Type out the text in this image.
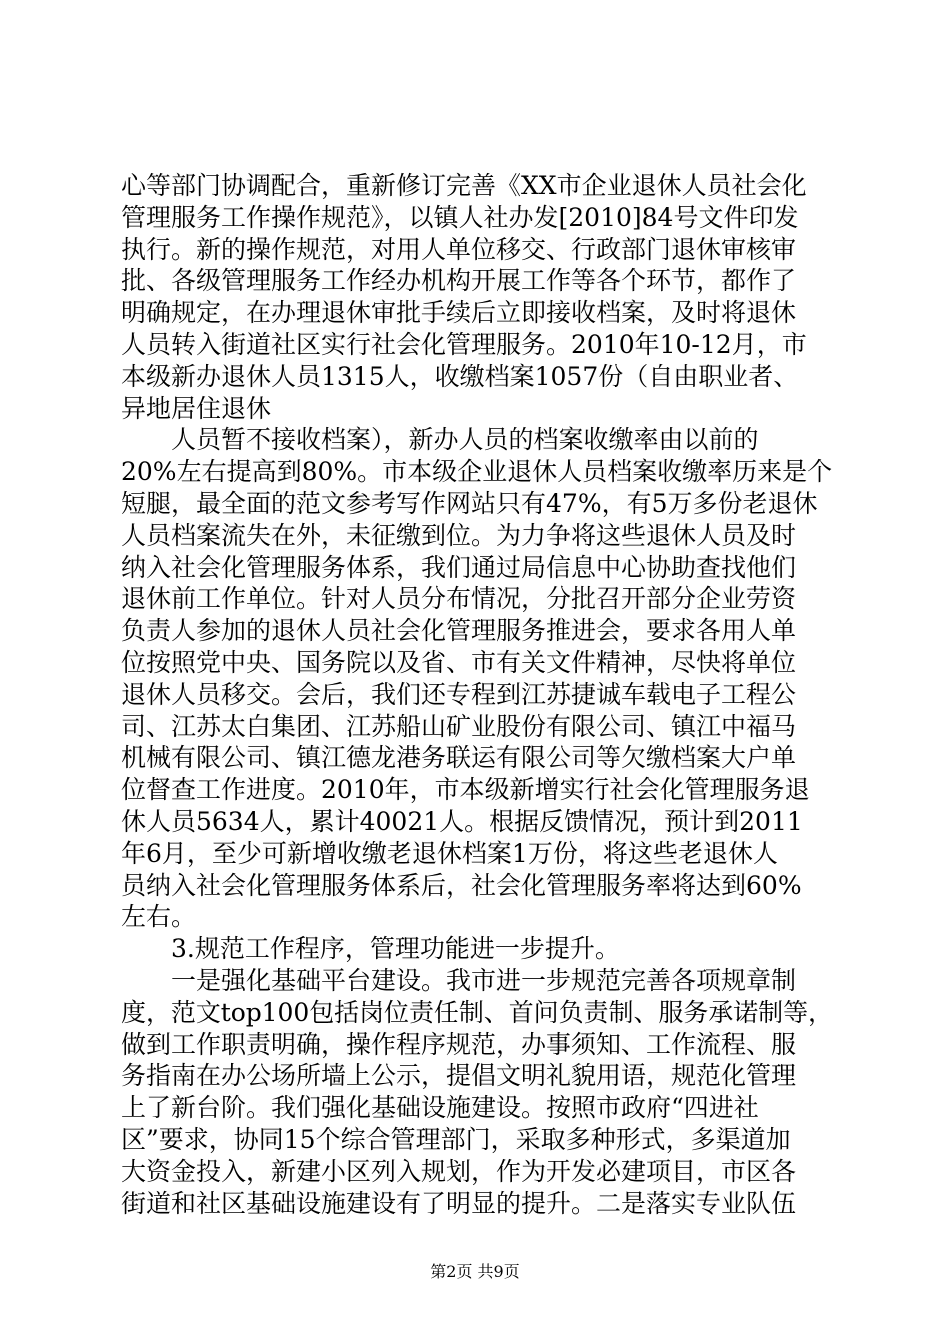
心等部门协调配合，重新修订完善《XX市企业退休人员社会化
管理服务工作操作规范》，以镇人社办发[2010]84号文件印发
执行。新的操作规范，对用人单位移交、行政部门退休审核审
批、各级管理服务工作经办机构开展工作等各个环节，都作了
明确规定，在办理退休审批手续后立即接收档案，及时将退休
人员转入街道社区实行社会化管理服务。2010年10-12月，市
本级新办退休人员1315人，收缴档案1057份（自由职业者、
异地居住退休
　　人员暂不接收档案），新办人员的档案收缴率由以前的
20%左右提高到80%。市本级企业退休人员档案收缴率历来是个
短腿，最全面的范文参考写作网站只有47%，有5万多份老退休
人员档案流失在外，未征缴到位。为力争将这些退休人员及时
纳入社会化管理服务体系，我们通过局信息中心协助查找他们
退休前工作单位。针对人员分布情况，分批召开部分企业劳资
负责人参加的退休人员社会化管理服务推进会，要求各用人单
位按照党中央、国务院以及省、市有关文件精神，尽快将单位
退休人员移交。会后，我们还专程到江苏捷诚车载电子工程公
司、江苏太白集团、江苏船山矿业股份有限公司、镇江中福马
机械有限公司、镇江德龙港务联运有限公司等欠缴档案大户单
位督查工作进度。2010年，市本级新增实行社会化管理服务退
休人员5634人，累计40021人。根据反馈情况，预计到2011
年6月，至少可新增收缴老退休档案1万份，将这些老退休人
员纳入社会化管理服务体系后，社会化管理服务率将达到60%
左右。
　　3.规范工作程序，管理功能进一步提升。
　　一是强化基础平台建设。我市进一步规范完善各项规章制
度，范文top100包括岗位责任制、首问负责制、服务承诺制等，
做到工作职责明确，操作程序规范，办事须知、工作流程、服
务指南在办公场所墙上公示，提倡文明礼貌用语，规范化管理
上了新台阶。我们强化基础设施建设。按照市政府“四进社
区”要求，协同15个综合管理部门，采取多种形式，多渠道加
大资金投入，新建小区列入规划，作为开发必建项目，市区各
街道和社区基础设施建设有了明显的提升。二是落实专业队伍
第2页 共9页
